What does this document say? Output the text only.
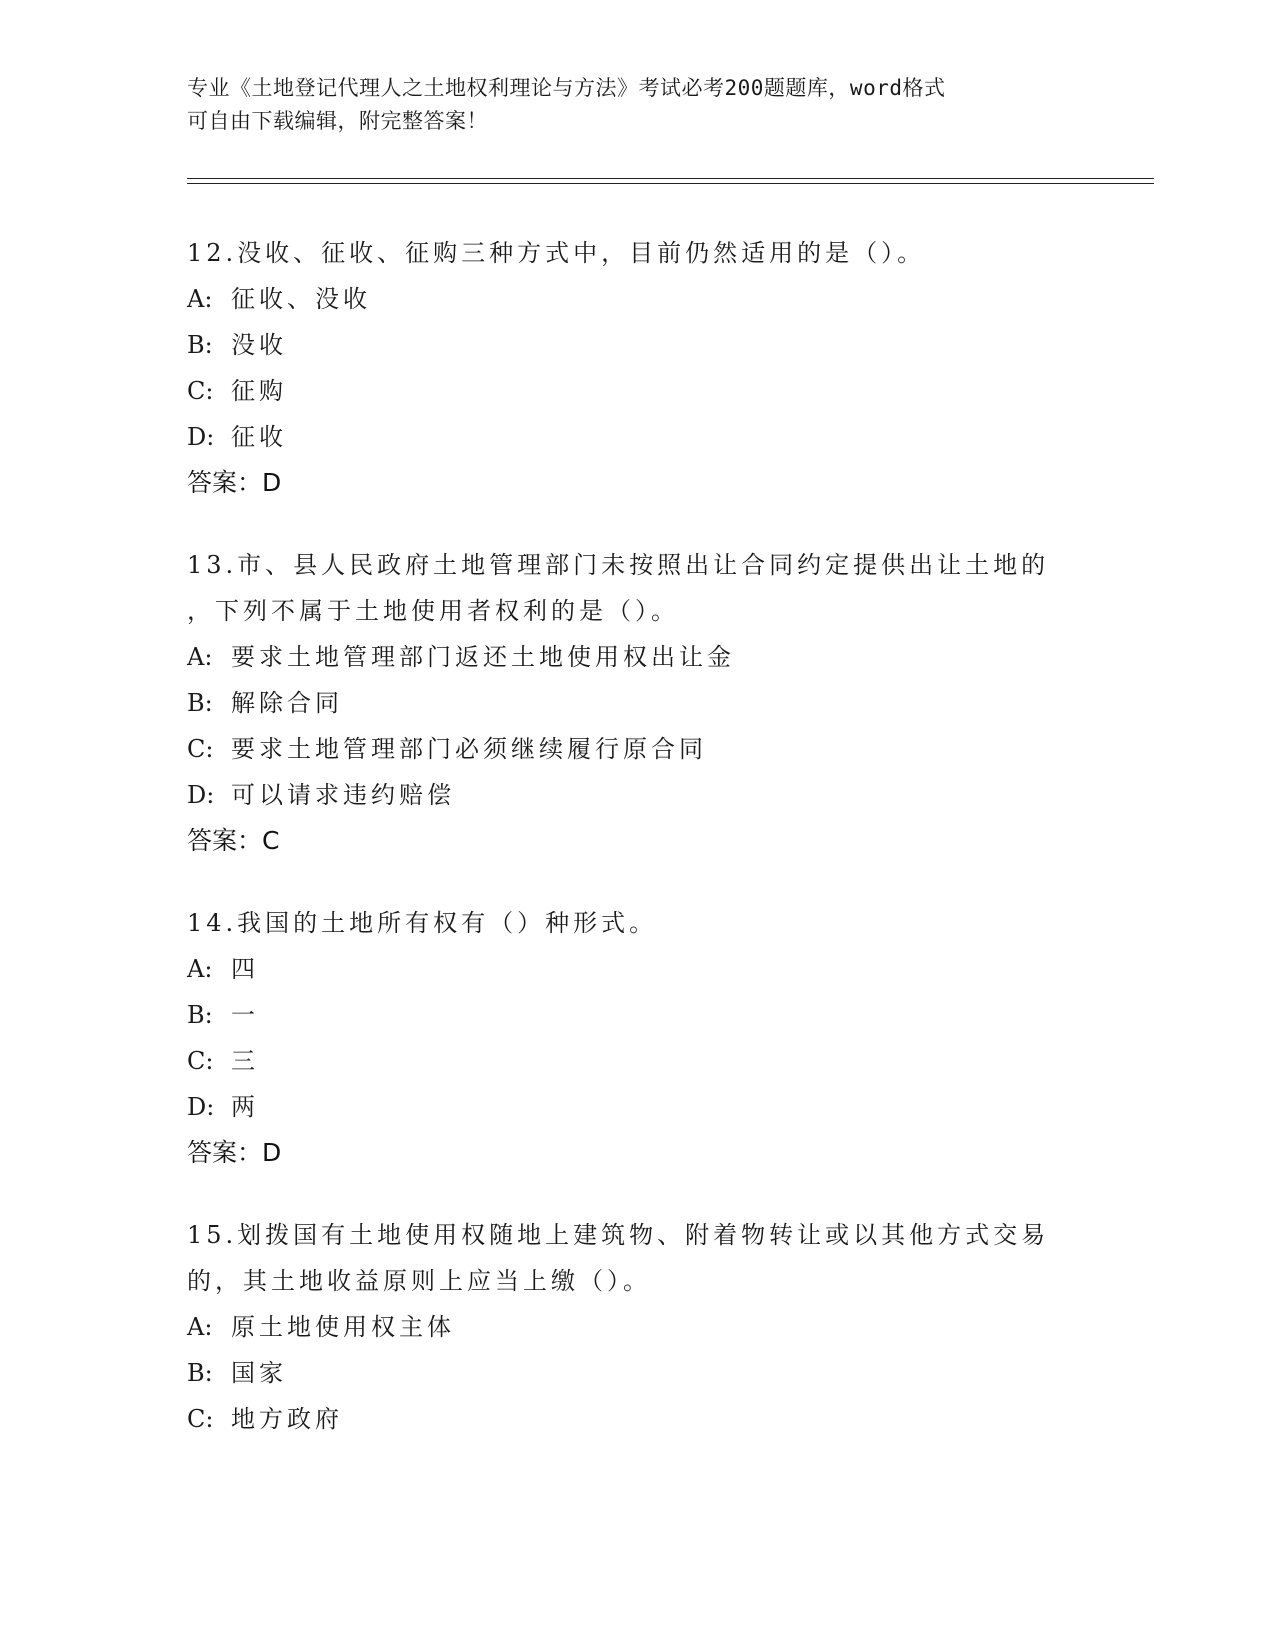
专业《土地登记代理人之土地权利理论与方法》考试必考200题题库，word格式
可自由下载编辑，附完整答案！
12.没收、征收、征购三种方式中，目前仍然适用的是（）。
A: 征收、没收
B: 没收
C: 征购
D: 征收
答案：D
13.市、县人民政府土地管理部门未按照出让合同约定提供出让土地的
，下列不属于土地使用者权利的是（）。
A: 要求土地管理部门返还土地使用权出让金
B: 解除合同
C: 要求土地管理部门必须继续履行原合同
D: 可以请求违约赔偿
答案：C
14.我国的土地所有权有（）种形式。
A: 四
B: 一
C: 三
D: 两
答案：D
15.划拨国有土地使用权随地上建筑物、附着物转让或以其他方式交易
的，其土地收益原则上应当上缴（）。
A: 原土地使用权主体
B: 国家
C: 地方政府
